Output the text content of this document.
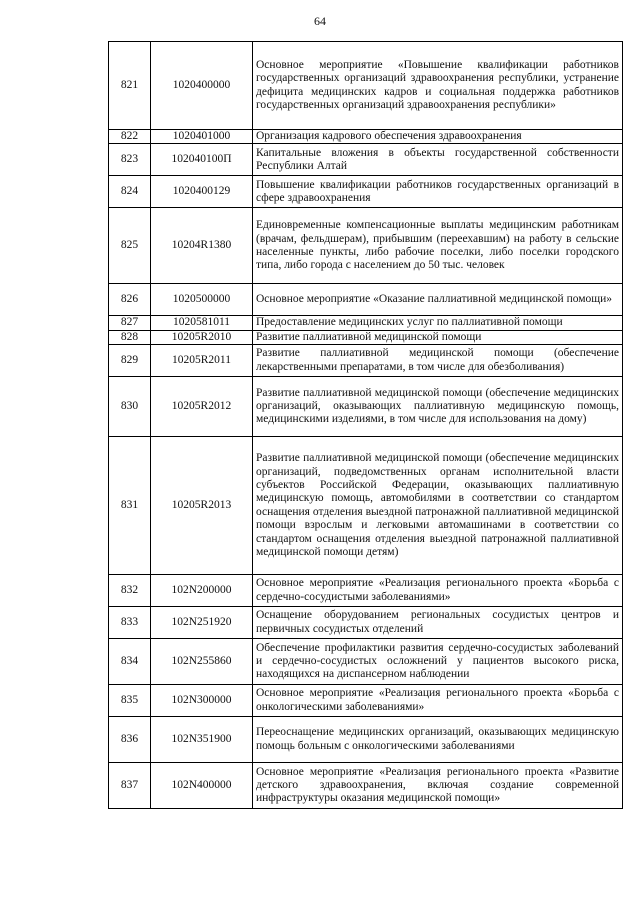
64
821	1020400000	Основное мероприятие «Повышение квалификации работников государственных организаций здравоохранения республики, устранение дефицита медицинских кадров и социальная поддержка работников государственных организаций здравоохранения республики»
822	1020401000	Организация кадрового обеспечения здравоохранения
823	102040100П	Капитальные вложения в объекты государственной собственности Республики Алтай
824	1020400129	Повышение квалификации работников государственных организаций в сфере здравоохранения
825	10204R1380	Единовременные компенсационные выплаты медицинским работникам (врачам, фельдшерам), прибывшим (переехавшим) на работу в сельские населенные пункты, либо рабочие поселки, либо поселки городского типа, либо города с населением до 50 тыс. человек
826	1020500000	Основное мероприятие «Оказание паллиативной медицинской помощи»
827	1020581011	Предоставление медицинских услуг по паллиативной помощи
828	10205R2010	Развитие паллиативной медицинской помощи
829	10205R2011	Развитие паллиативной медицинской помощи (обеспечение лекарственными препаратами, в том числе для обезболивания)
830	10205R2012	Развитие паллиативной медицинской помощи (обеспечение медицинских организаций, оказывающих паллиативную медицинскую помощь, медицинскими изделиями, в том числе для использования на дому)
831	10205R2013	Развитие паллиативной медицинской помощи (обеспечение медицинских организаций, подведомственных органам исполнительной власти субъектов Российской Федерации, оказывающих паллиативную медицинскую помощь, автомобилями в соответствии со стандартом оснащения отделения выездной патронажной паллиативной медицинской помощи взрослым и легковыми автомашинами в соответствии со стандартом оснащения отделения выездной патронажной паллиативной медицинской помощи детям)
832	102N200000	Основное мероприятие «Реализация регионального проекта «Борьба с сердечно-сосудистыми заболеваниями»
833	102N251920	Оснащение оборудованием региональных сосудистых центров и первичных сосудистых отделений
834	102N255860	Обеспечение профилактики развития сердечно-сосудистых заболеваний и сердечно-сосудистых осложнений у пациентов высокого риска, находящихся на диспансерном наблюдении
835	102N300000	Основное мероприятие «Реализация регионального проекта «Борьба с онкологическими заболеваниями»
836	102N351900	Переоснащение медицинских организаций, оказывающих медицинскую помощь больным с онкологическими заболеваниями
837	102N400000	Основное мероприятие «Реализация регионального проекта «Развитие детского здравоохранения, включая создание современной инфраструктуры оказания медицинской помощи»
